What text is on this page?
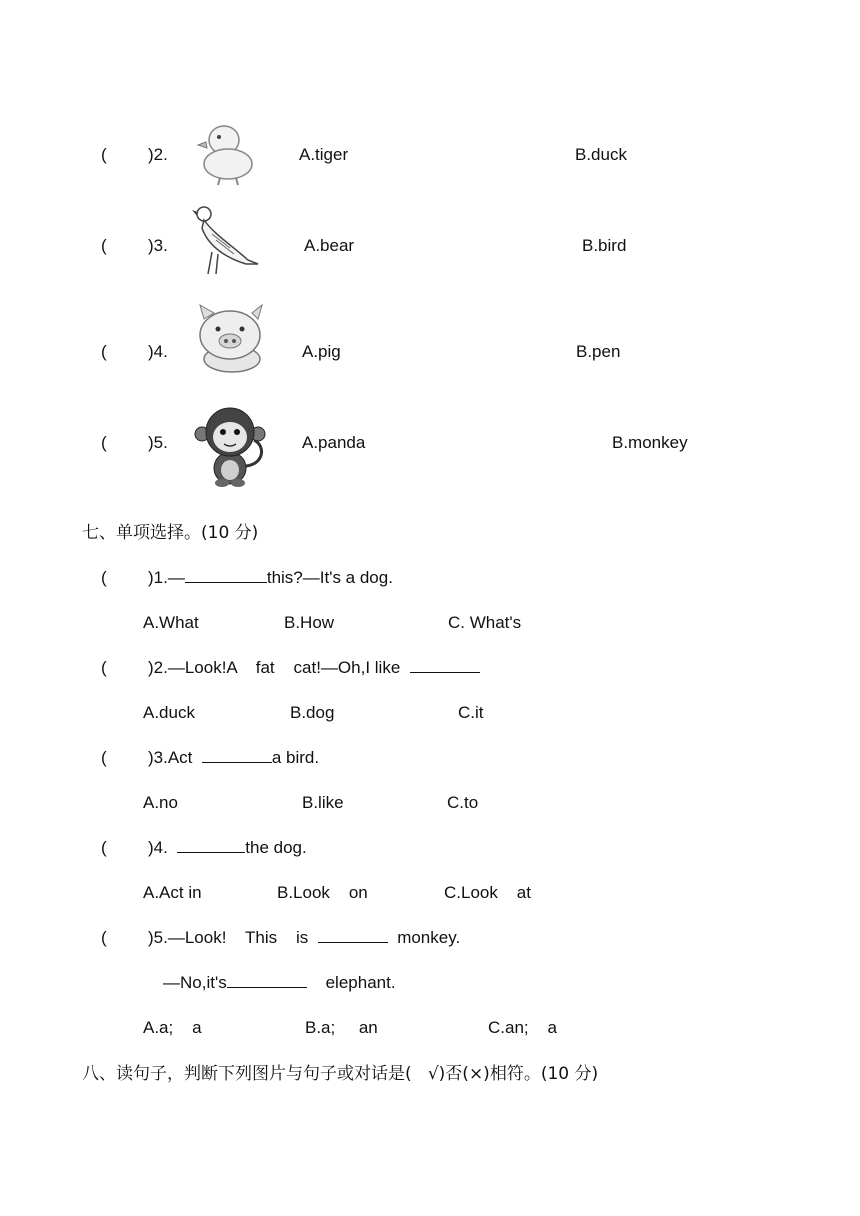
( )2.	A.tiger	B.duck
( )3.	A.bear	B.bird
( )4.	A.pig	B.pen
( )5.	A.panda	B.monkey
七、单项选择。(10 分)
( )1.—	this?—It's a dog.
A.What	B.How	C. What's
( )2.—Look!A    fat    cat!—Oh,I like
A.duck	B.dog	C.it
( )3.Act	a bird.
A.no	B.like	C.to
( )4.	the dog.
A.Act in	B.Look    on	C.Look    at
( )5.—Look!    This    is	monkey.
—No,it's	elephant.
A.a;    a	B.a;     an	C.an;    a
八、读句子，判断下列图片与句子或对话是(   √)否(×)相符。(10 分)
